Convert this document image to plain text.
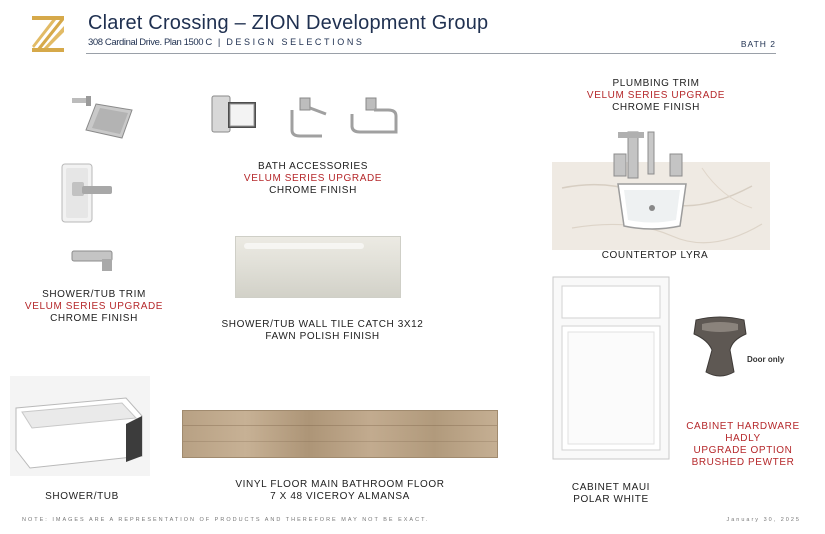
Claret Crossing – ZION Development Group
308 Cardinal Drive. Plan 1500 C | DESIGN SELECTIONS	BATH 2
SHOWER/TUB TRIM
VELUM SERIES UPGRADE
CHROME FINISH
BATH ACCESSORIES
VELUM SERIES UPGRADE
CHROME FINISH
SHOWER/TUB WALL TILE CATCH 3X12
FAWN POLISH FINISH
SHOWER/TUB
VINYL FLOOR MAIN BATHROOM FLOOR
7 X 48 VICEROY ALMANSA
PLUMBING TRIM
VELUM SERIES UPGRADE
CHROME FINISH
COUNTERTOP LYRA
CABINET MAUI
POLAR WHITE
Door only
CABINET HARDWARE
HADLY
UPGRADE OPTION
BRUSHED PEWTER
NOTE: IMAGES ARE A REPRESENTATION OF PRODUCTS AND THEREFORE MAY NOT BE EXACT.	January 30, 2025
